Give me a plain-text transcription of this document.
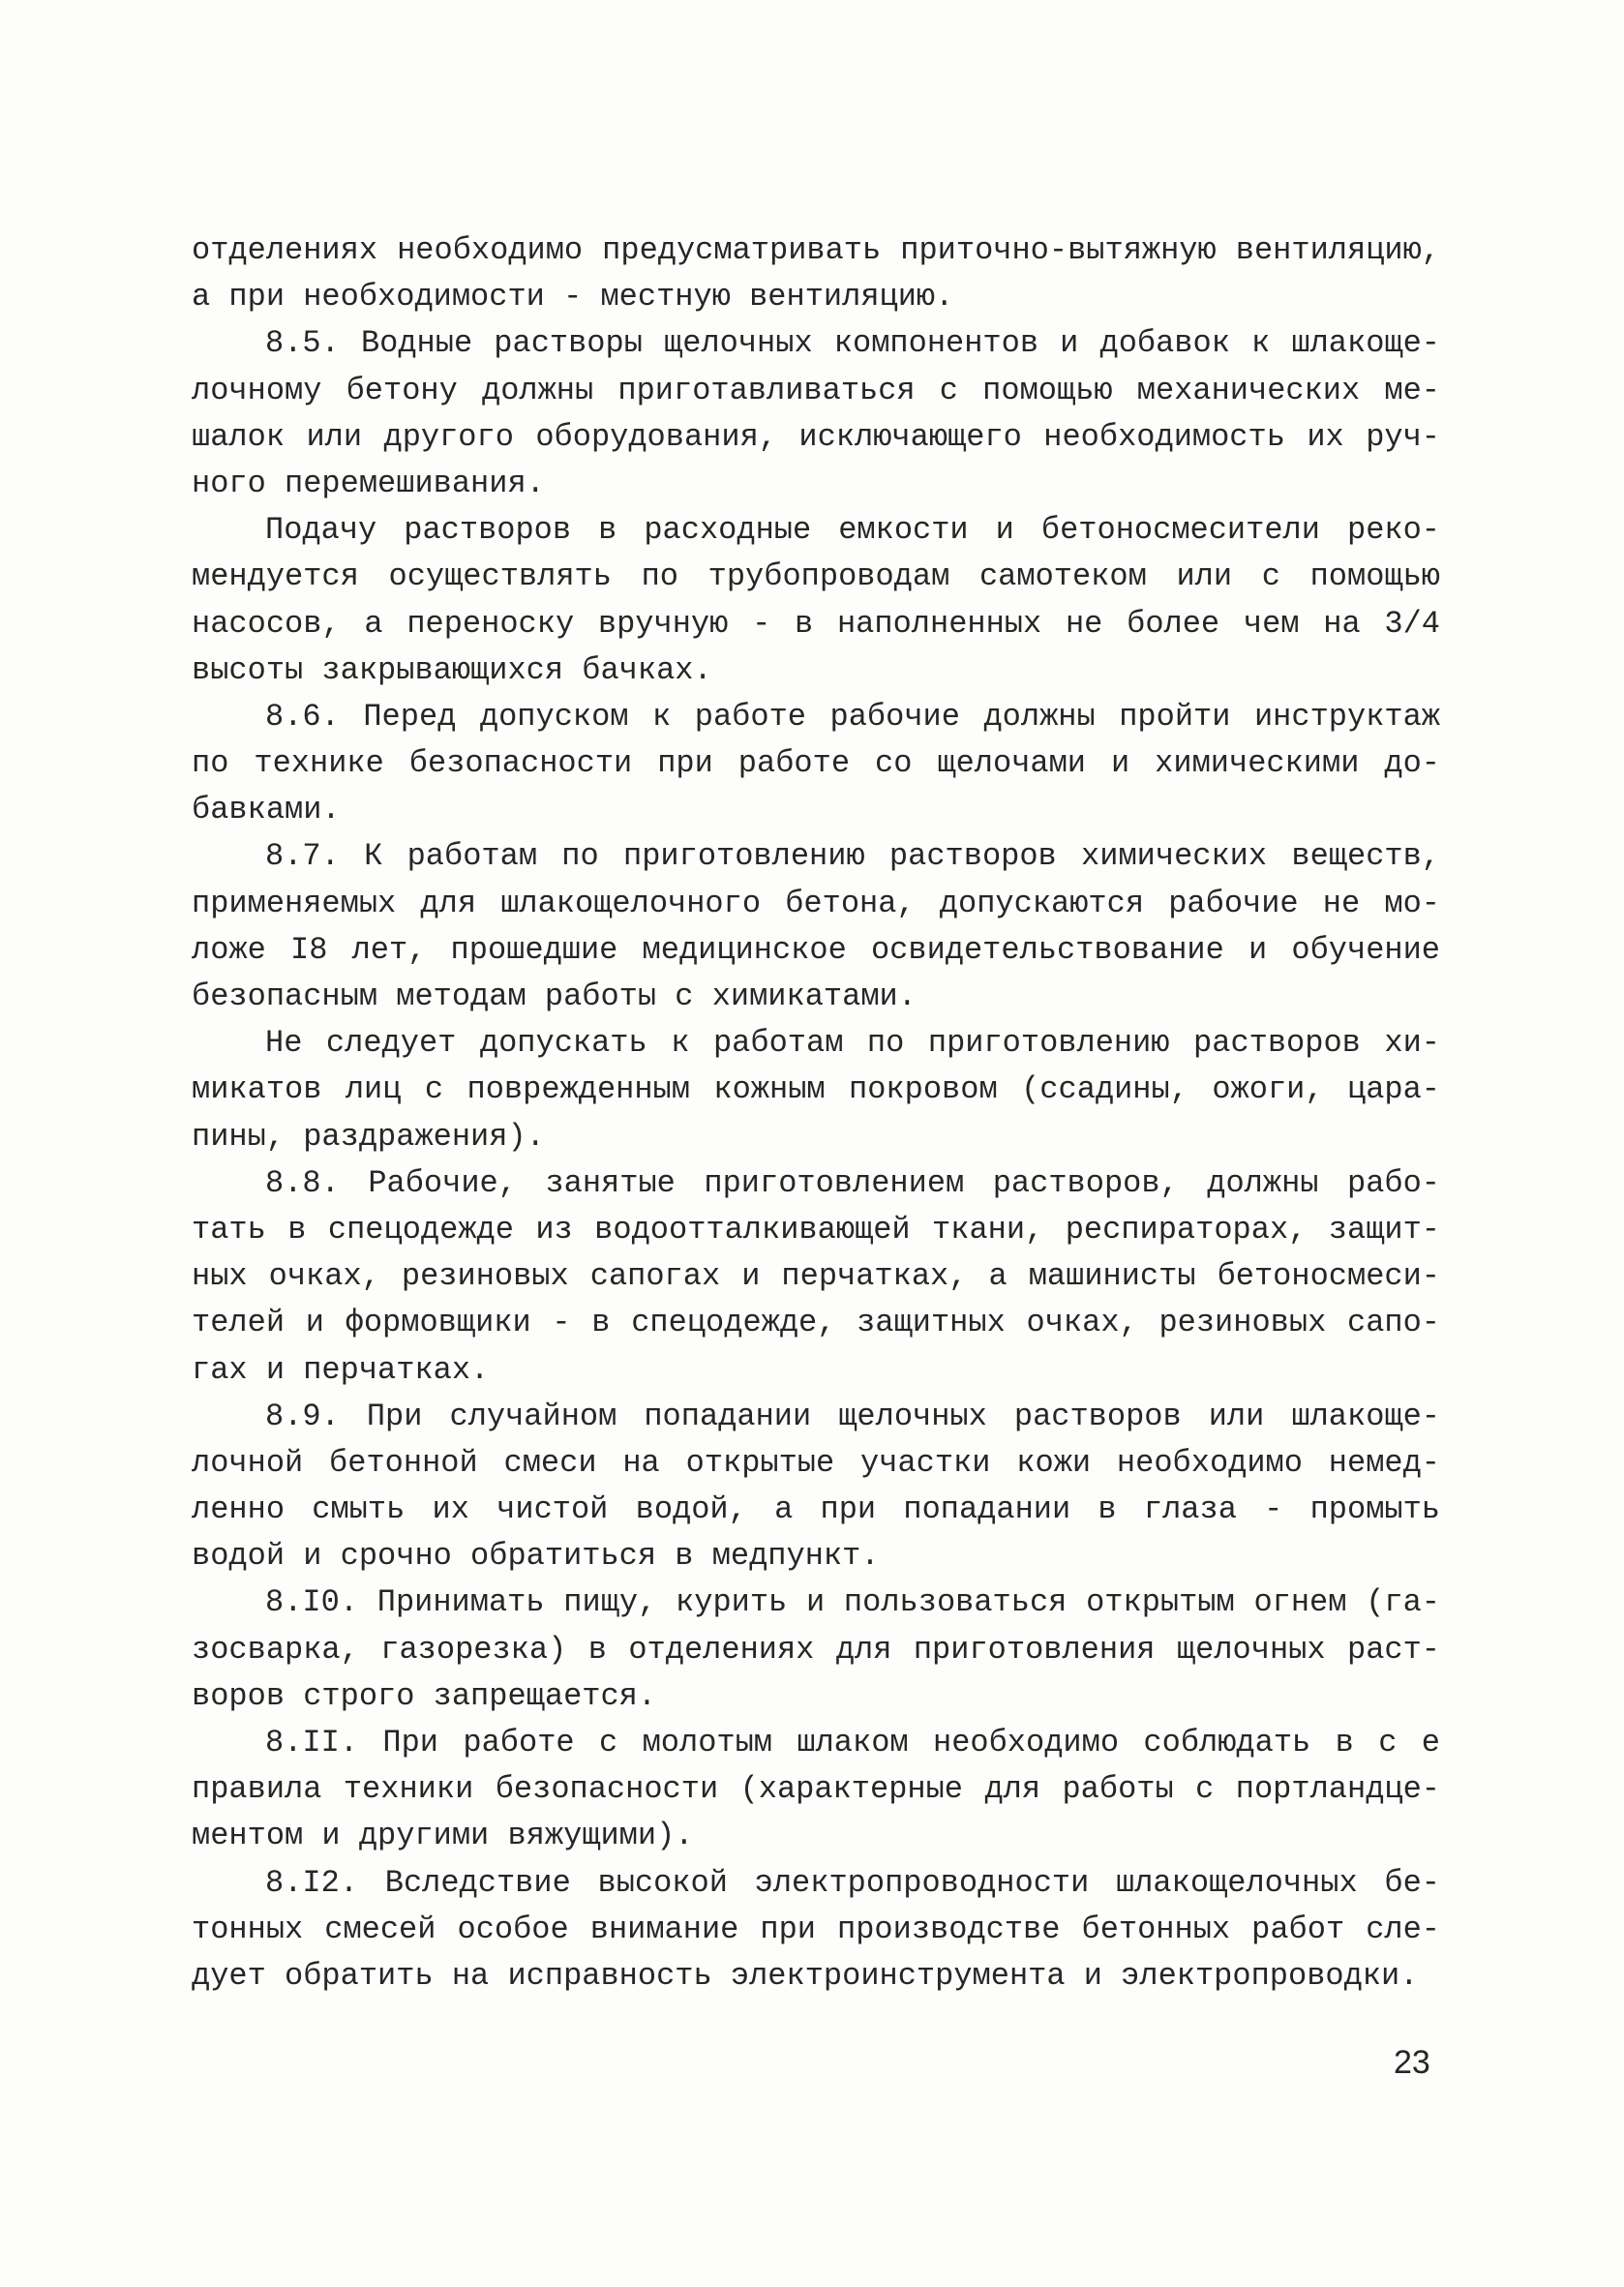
отделениях необходимо предусматривать приточно-вытяжную вентиляцию,
а при необходимости - местную вентиляцию.
8.5. Водные растворы щелочных компонентов и добавок к шлакоще-
лочному бетону должны приготавливаться с помощью механических ме-
шалок или другого оборудования, исключающего необходимость их руч-
ного перемешивания.
Подачу растворов в расходные емкости и бетоносмесители реко-
мендуется осуществлять по трубопроводам самотеком или с помощью
насосов, а переноску вручную - в наполненных не более чем на 3/4
высоты закрывающихся бачках.
8.6. Перед допуском к работе рабочие должны пройти инструктаж
по технике безопасности при работе со щелочами и химическими до-
бавками.
8.7. К работам по приготовлению растворов химических веществ,
применяемых для шлакощелочного бетона, допускаются рабочие не мо-
ложе I8 лет, прошедшие медицинское освидетельствование и обучение
безопасным методам работы с химикатами.
Не следует допускать к работам по приготовлению растворов хи-
микатов лиц с поврежденным кожным покровом (ссадины, ожоги, цара-
пины, раздражения).
8.8. Рабочие, занятые приготовлением растворов, должны рабо-
тать в спецодежде из водоотталкивающей ткани, респираторах, защит-
ных очках, резиновых сапогах и перчатках, а машинисты бетоносмеси-
телей и формовщики - в спецодежде, защитных очках, резиновых сапо-
гах и перчатках.
8.9. При случайном попадании щелочных растворов или шлакоще-
лочной бетонной смеси на открытые участки кожи необходимо немед-
ленно смыть их чистой водой, а при попадании в глаза - промыть
водой и срочно обратиться в медпункт.
8.I0. Принимать пищу, курить и пользоваться открытым огнем (га-
зосварка, газорезка) в отделениях для приготовления щелочных раст-
воров строго запрещается.
8.II. При работе с молотым шлаком необходимо соблюдать в с е
правила техники безопасности (характерные для работы с портландце-
ментом и другими вяжущими).
8.I2. Вследствие высокой электропроводности шлакощелочных бе-
тонных смесей особое внимание при производстве бетонных работ сле-
дует обратить на исправность электроинструмента и электропроводки.
23
